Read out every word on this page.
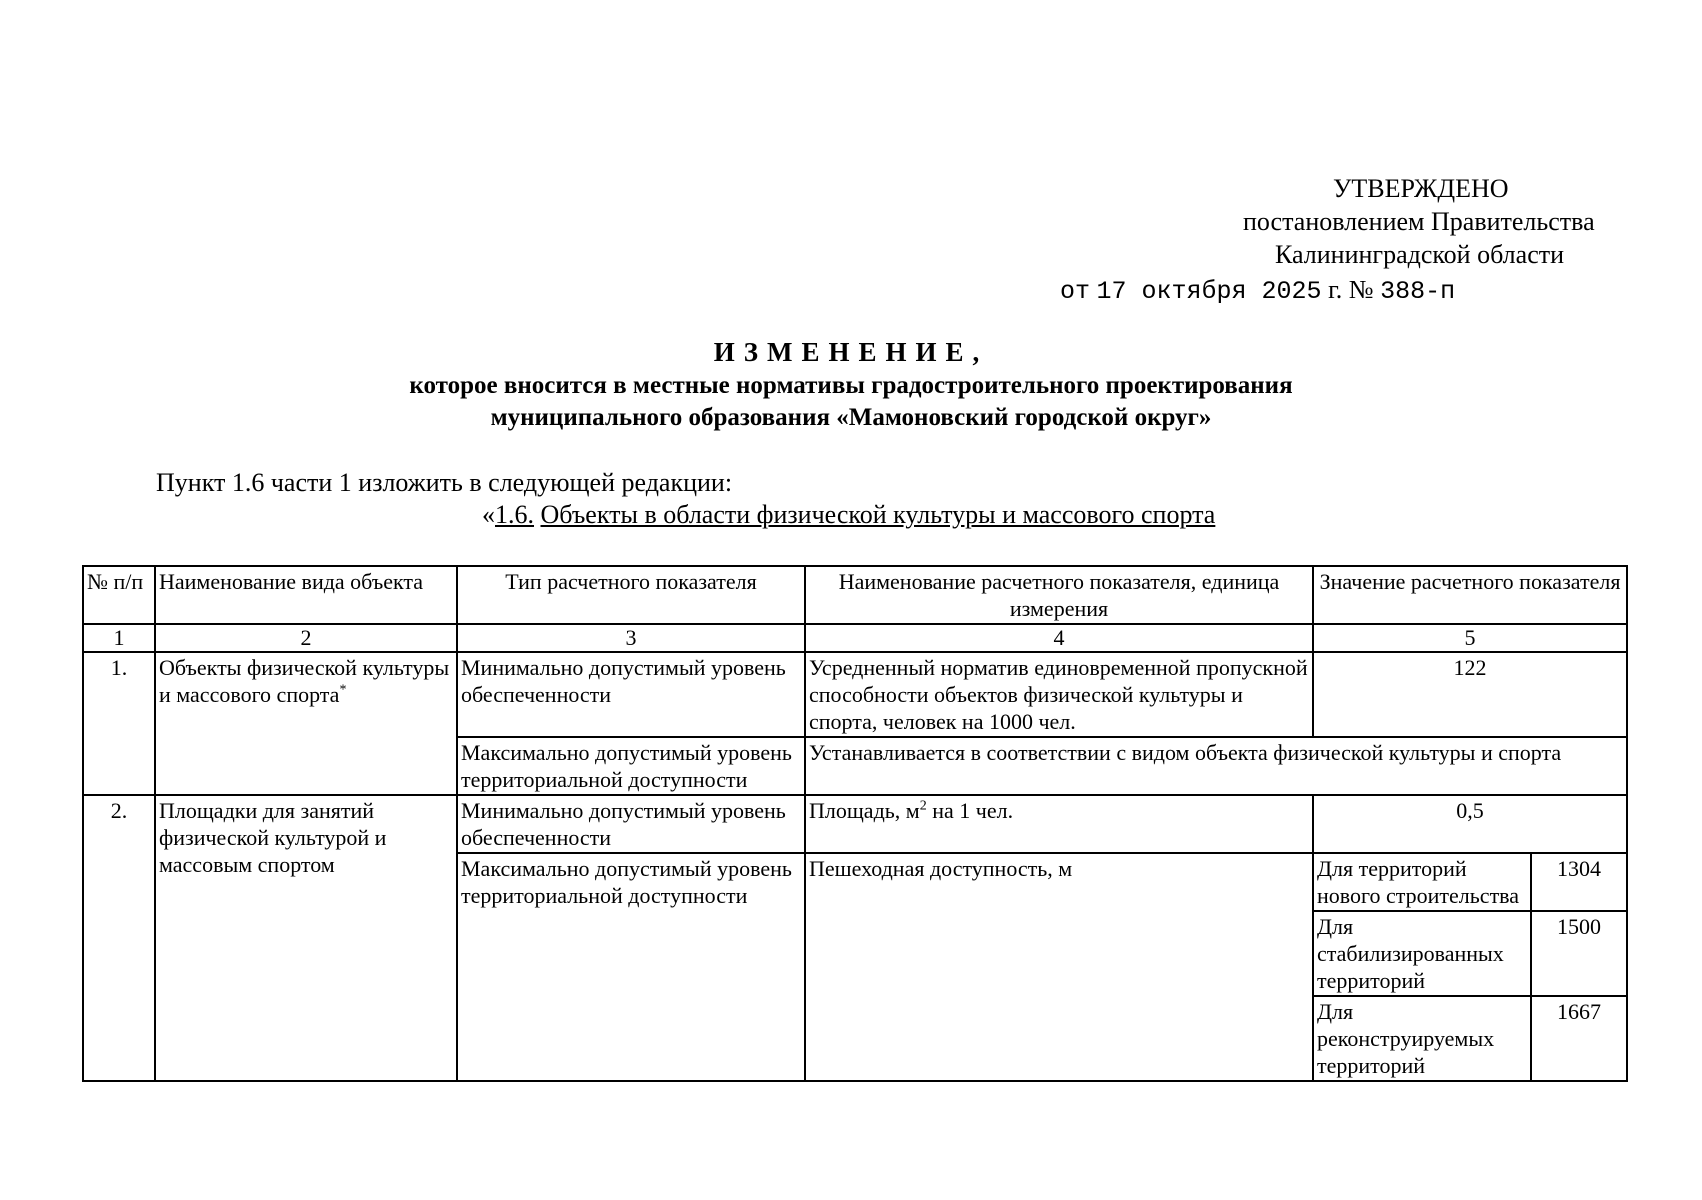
УТВЕРЖДЕНО
постановлением Правительства
Калининградской области
от 17 октября 2025 г. № 388-п
ИЗМЕНЕНИЕ,
которое вносится в местные нормативы градостроительного проектирования
муниципального образования «Мамоновский городской округ»
Пункт 1.6 части 1 изложить в следующей редакции:
«1.6. Объекты в области физической культуры и массового спорта
№ п/п	Наименование вида объекта	Тип расчетного показателя	Наименование расчетного показателя, единица измерения	Значение расчетного показателя	
1	2	3	4	5	
1.	Объекты физической культуры и массового спорта*	Минимально допустимый уровень обеспеченности	Усредненный норматив единовременной пропускной способности объектов физической культуры и спорта, человек на 1000 чел.	122	
		Максимально допустимый уровень территориальной доступности	Устанавливается в соответствии с видом объекта физической культуры и спорта		
2.	Площадки для занятий физической культурой и массовым спортом	Минимально допустимый уровень обеспеченности	Площадь, $м^2$ на 1 чел.	0,5	
		Максимально допустимый уровень территориальной доступности	Пешеходная доступность, м	Для территорий нового строительства	1304
				Для стабилизированных территорий	1500
				Для реконструируемых территорий	1667
